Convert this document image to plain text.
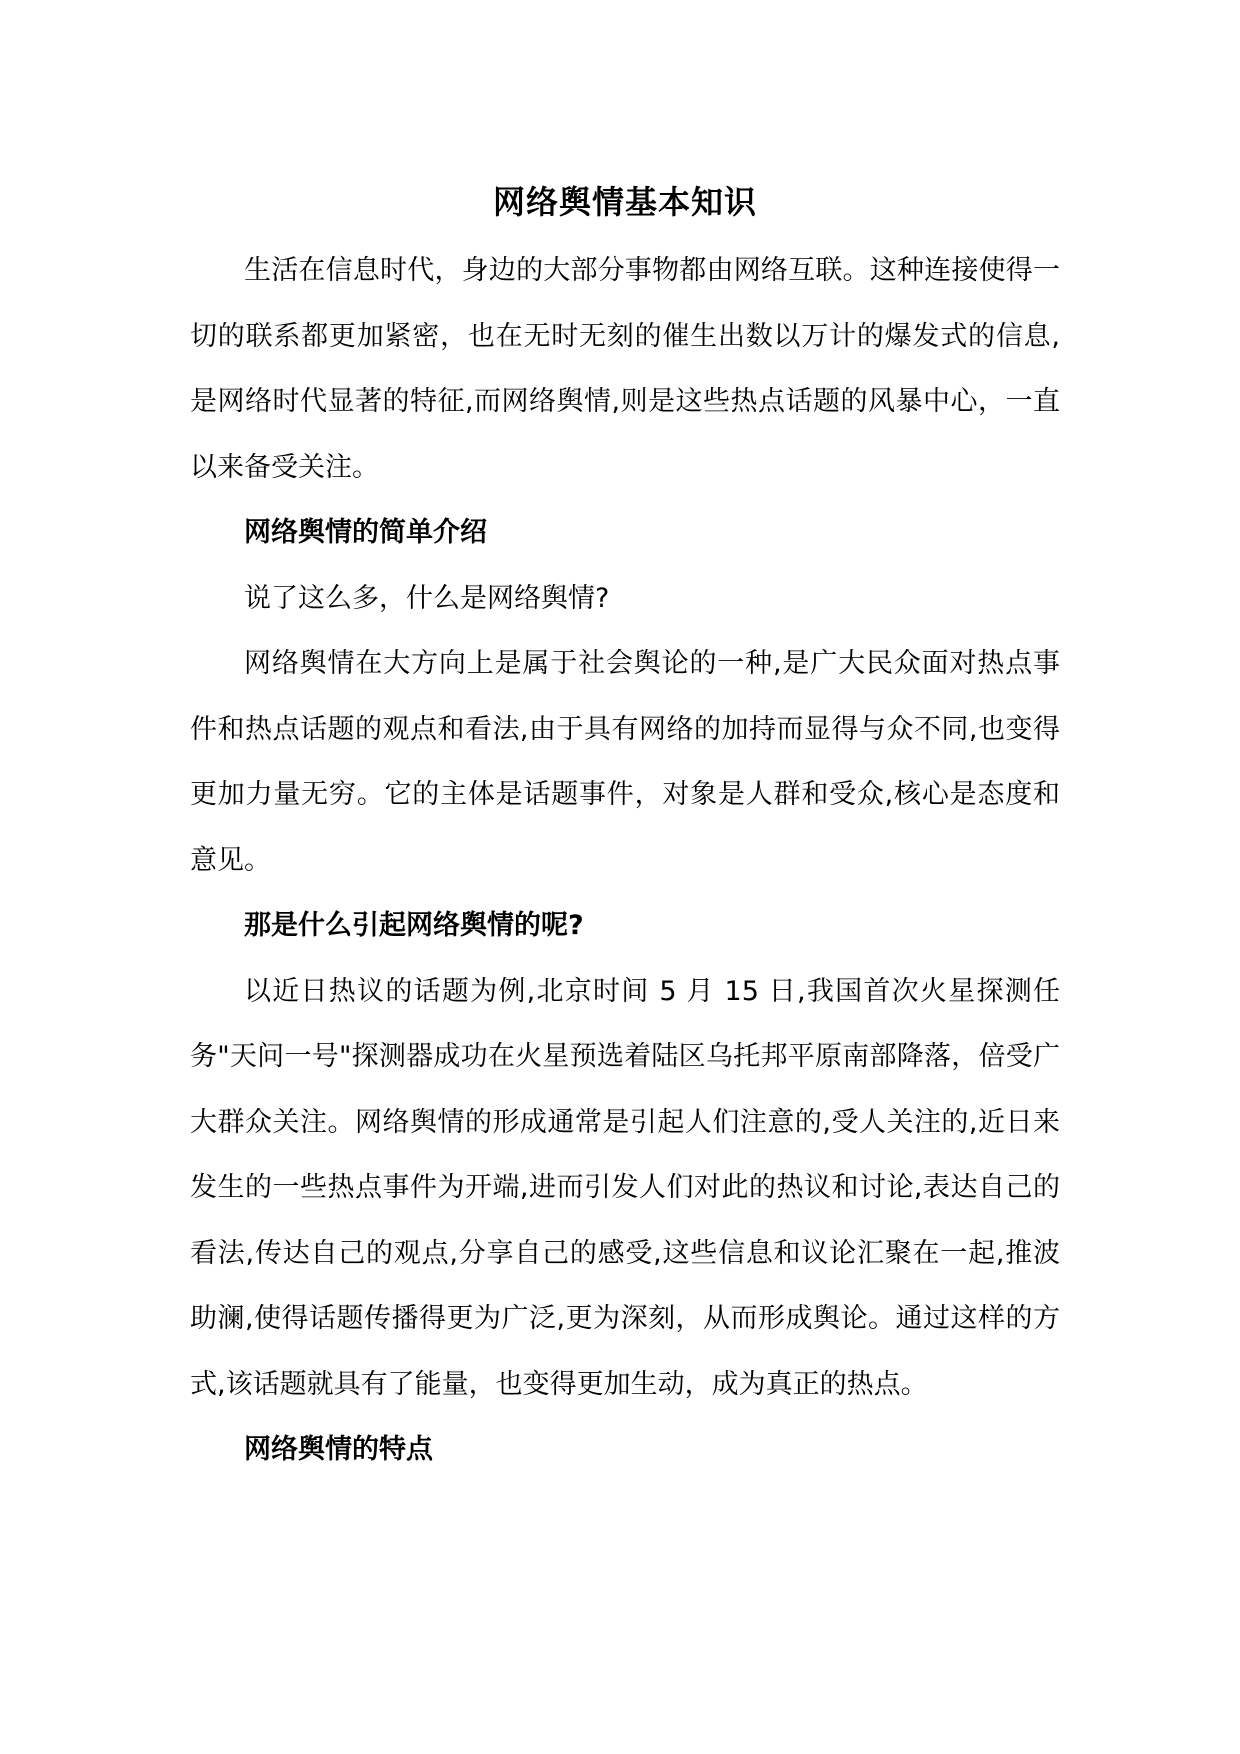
网络舆情基本知识

生活在信息时代，身边的大部分事物都由网络互联。这种连接使得一切的联系都更加紧密，也在无时无刻的催生出数以万计的爆发式的信息,是网络时代显著的特征,而网络舆情,则是这些热点话题的风暴中心，一直以来备受关注。

网络舆情的简单介绍

说了这么多，什么是网络舆情?

网络舆情在大方向上是属于社会舆论的一种,是广大民众面对热点事件和热点话题的观点和看法,由于具有网络的加持而显得与众不同,也变得更加力量无穷。它的主体是话题事件，对象是人群和受众,核心是态度和意见。

那是什么引起网络舆情的呢?

以近日热议的话题为例,北京时间 5 月 15 日,我国首次火星探测任务"天问一号"探测器成功在火星预选着陆区乌托邦平原南部降落，倍受广大群众关注。网络舆情的形成通常是引起人们注意的,受人关注的,近日来发生的一些热点事件为开端,进而引发人们对此的热议和讨论,表达自己的看法,传达自己的观点,分享自己的感受,这些信息和议论汇聚在一起,推波助澜,使得话题传播得更为广泛,更为深刻，从而形成舆论。通过这样的方式,该话题就具有了能量，也变得更加生动，成为真正的热点。

网络舆情的特点
